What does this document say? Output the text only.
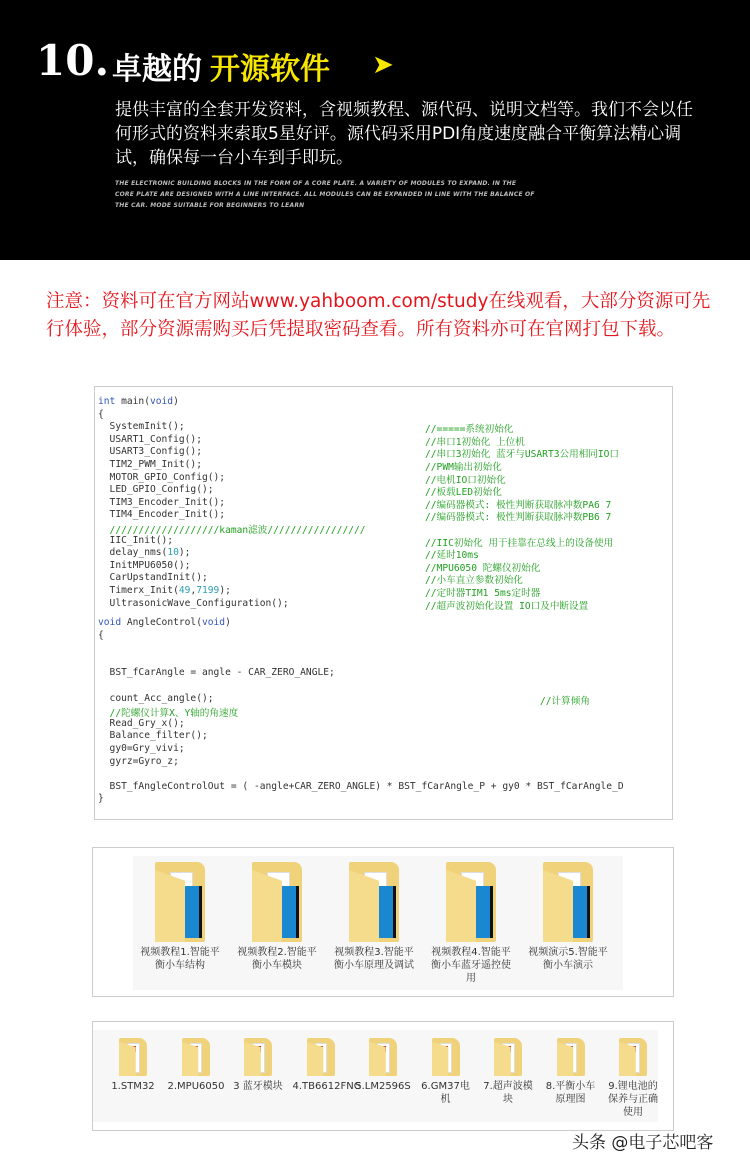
10. 卓越的 开源软件 ➤
提供丰富的全套开发资料，含视频教程、源代码、说明文档等。我们不会以任何形式的资料来索取5星好评。源代码采用PDI角度速度融合平衡算法精心调试，确保每一台小车到手即玩。
THE ELECTRONIC BUILDING BLOCKS IN THE FORM OF A CORE PLATE. A VARIETY OF MODULES TO EXPAND. IN THE CORE PLATE ARE DESIGNED WITH A LINE INTERFACE. ALL MODULES CAN BE EXPANDED IN LINE WITH THE BALANCE OF THE CAR. MODE SUITABLE FOR BEGINNERS TO LEARN
注意：资料可在官方网站www.yahboom.com/study在线观看，大部分资源可先行体验，部分资源需购买后凭提取密码查看。所有资料亦可在官网打包下载。
int main(void)
{
SystemInit();	//=====系统初始化
USART1_Config();	//串口1初始化 上位机
USART3_Config();	//串口3初始化 蓝牙与USART3公用相同IO口
TIM2_PWM_Init();	//PWM输出初始化
MOTOR_GPIO_Config();	//电机IO口初始化
LED_GPIO_Config();	//板载LED初始化
TIM3_Encoder_Init();	//编码器模式: 极性判断获取脉冲数PA6 7
TIM4_Encoder_Init();	//编码器模式: 极性判断获取脉冲数PB6 7
///////////////////kaman滤波/////////////////
IIC_Init();	//IIC初始化 用于挂靠在总线上的设备使用
delay_nms(10);	//延时10ms
InitMPU6050();	//MPU6050 陀螺仪初始化
CarUpstandInit();	//小车直立参数初始化
Timerx_Init(49,7199);	//定时器TIM1 5ms定时器
UltrasonicWave_Configuration();	//超声波初始化设置 IO口及中断设置
void AngleControl(void)
{
BST_fCarAngle = angle - CAR_ZERO_ANGLE;
count_Acc_angle();	//计算倾角
//陀螺仪计算X、Y轴的角速度
Read_Gry_x();
Balance_filter();
gy0=Gry_vivi;
gyrz=Gyro_z;
BST_fAngleControlOut = ( -angle+CAR_ZERO_ANGLE) * BST_fCarAngle_P + gy0 * BST_fCarAngle_D
}
视频教程1.智能平衡小车结构
视频教程2.智能平衡小车模块
视频教程3.智能平衡小车原理及调试
视频教程4.智能平衡小车蓝牙遥控使用
视频演示5.智能平衡小车演示
1.STM32	2.MPU6050 3 蓝牙模块 4.TB6612FNG
5.LM2596S	6.GM37电机
7.超声波模块
8.平衡小车原理图
9.锂电池的保养与正确使用
头条 @电子芯吧客
